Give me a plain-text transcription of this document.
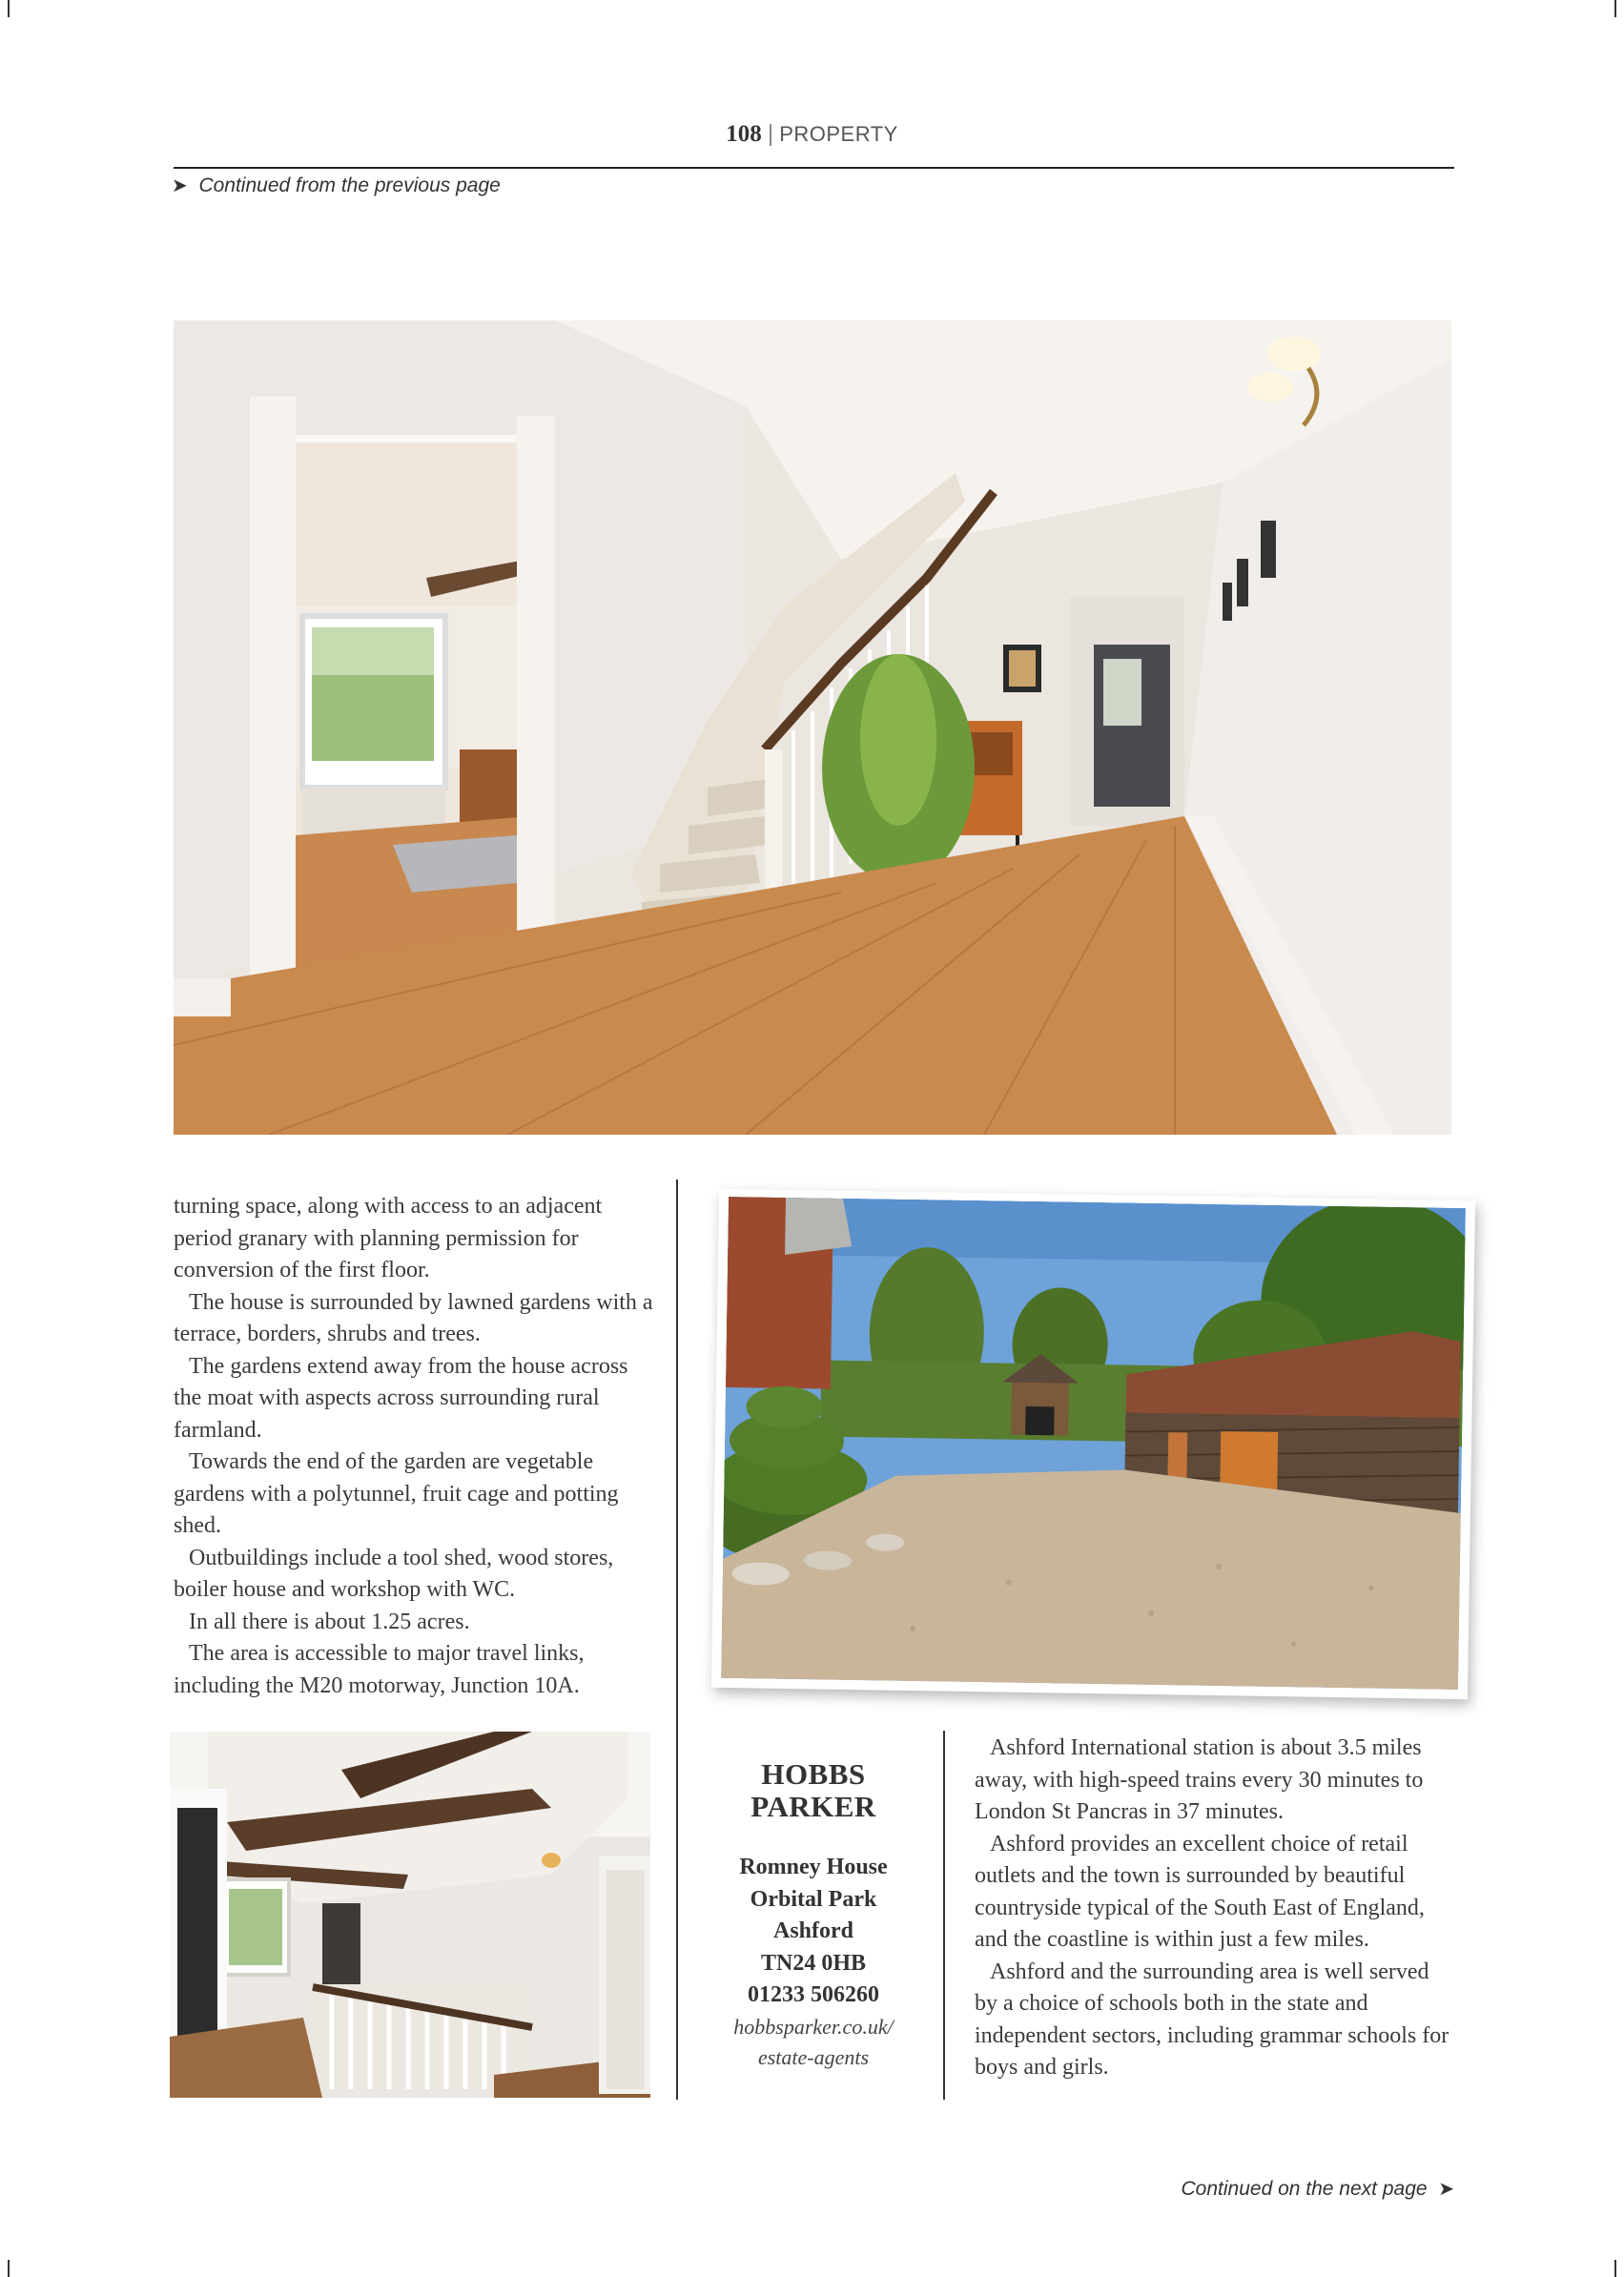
108 | PROPERTY
➤ Continued from the previous page

turning space, along with access to an adjacent period granary with planning permission for conversion of the first floor.

The house is surrounded by lawned gardens with a terrace, borders, shrubs and trees.

The gardens extend away from the house across the moat with aspects across surrounding rural farmland.

Towards the end of the garden are vegetable gardens with a polytunnel, fruit cage and potting shed.

Outbuildings include a tool shed, wood stores, boiler house and workshop with WC.

In all there is about 1.25 acres.

The area is accessible to major travel links, including the M20 motorway, Junction 10A.

HOBBS
PARKER
Romney House
Orbital Park
Ashford
TN24 0HB
01233 506260
hobbsparker.co.uk/
estate-agents

Ashford International station is about 3.5 miles away, with high-speed trains every 30 minutes to London St Pancras in 37 minutes.

Ashford provides an excellent choice of retail outlets and the town is surrounded by beautiful countryside typical of the South East of England, and the coastline is within just a few miles.

Ashford and the surrounding area is well served by a choice of schools both in the state and independent sectors, including grammar schools for boys and girls.

Continued on the next page ➤
